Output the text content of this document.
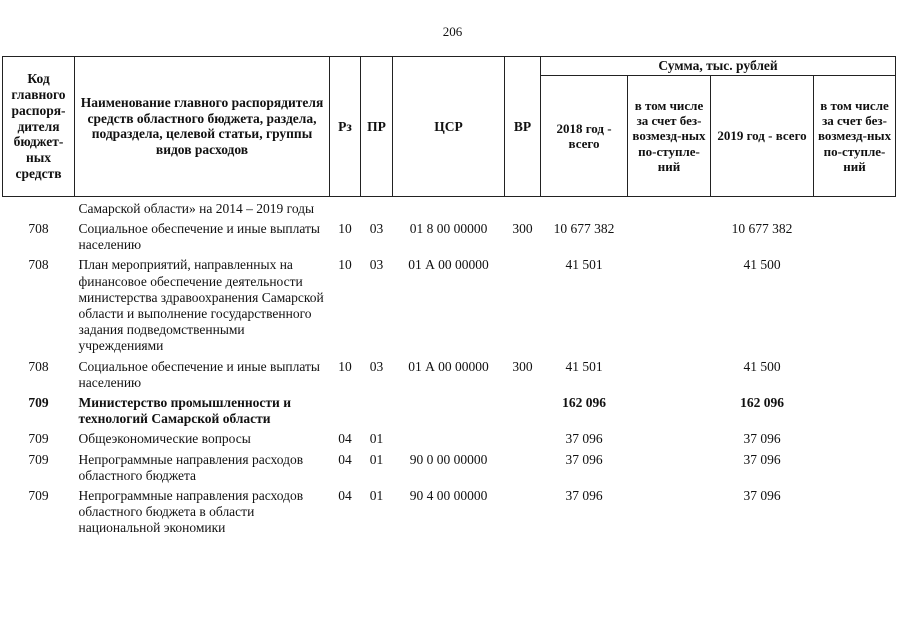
206
Код главного распоря-дителя бюджет-ных средств	Наименование главного распорядителя средств областного бюджета, раздела, подраздела, целевой статьи, группы видов расходов	Рз	ПР	ЦСР	ВР	Сумма, тыс. рублей			
						2018 год - всего	в том числе за счет без-возмезд-ных по-ступле-ний	2019 год - всего	в том числе за счет без-возмезд-ных по-ступле-ний
	Самарской области» на 2014 – 2019 годы								
708	Социальное обеспечение и иные выплаты населению	10	03	01 8 00 00000	300	10 677 382		10 677 382	
708	План мероприятий, направленных на финансовое обеспечение деятельности министерства здравоохранения Самарской области и выполнение государственного задания подведомственными учреждениями	10	03	01 А 00 00000		41 501		41 500	
708	Социальное обеспечение и иные выплаты населению	10	03	01 А 00 00000	300	41 501		41 500	
709	Министерство промышленности и технологий Самарской области					162 096		162 096	
709	Общеэкономические вопросы	04	01			37 096		37 096	
709	Непрограммные направления расходов областного бюджета	04	01	90 0 00 00000		37 096		37 096	
709	Непрограммные направления расходов областного бюджета в области национальной экономики	04	01	90 4 00 00000		37 096		37 096	
